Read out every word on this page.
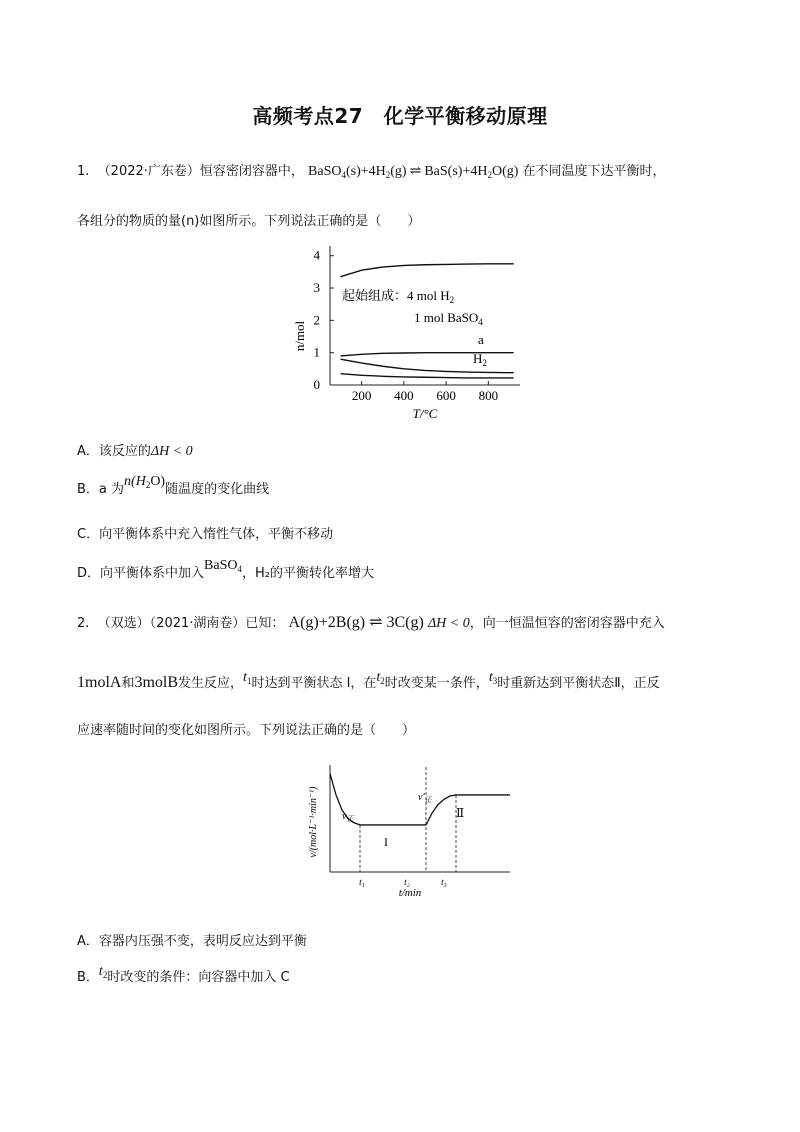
高频考点27　化学平衡移动原理
1. （2022·广东卷）恒容密闭容器中， $BaSO_4(s)+4H_2(g)$ ⇌ $BaS(s)+4H_2O(g)$ 在不同温度下达平衡时，
各组分的物质的量(n)如图所示。下列说法正确的是（　　）
0
1
2
3
4
200 400 600 800
n/mol
T/°C
起始组成：4 mol $H_2$
1 mol BaSO$_4$
a
$H_2$
A．该反应的ΔH < 0
B．a 为$n(H_2O)$随温度的变化曲线
C．向平衡体系中充入惰性气体，平衡不移动
D．向平衡体系中加入BaSO$_4$，H₂的平衡转化率增大
2. （双选）（2021·湖南卷）已知： A(g)+2B(g) ⇌ 3C(g) ΔH < 0，向一恒温恒容的密闭容器中充入
1molA和3molB发生反应，$t_1$时达到平衡状态 I，在$t_2$时改变某一条件，$t_3$时重新达到平衡状态Ⅱ，正反
应速率随时间的变化如图所示。下列说法正确的是（　　）
v/(mol·L⁻¹·min⁻¹)
t/min
$v_正$
$v'_正$
I
Ⅱ
t₁	t₂	t₃
A．容器内压强不变，表明反应达到平衡
B．$t_2$时改变的条件：向容器中加入 C
